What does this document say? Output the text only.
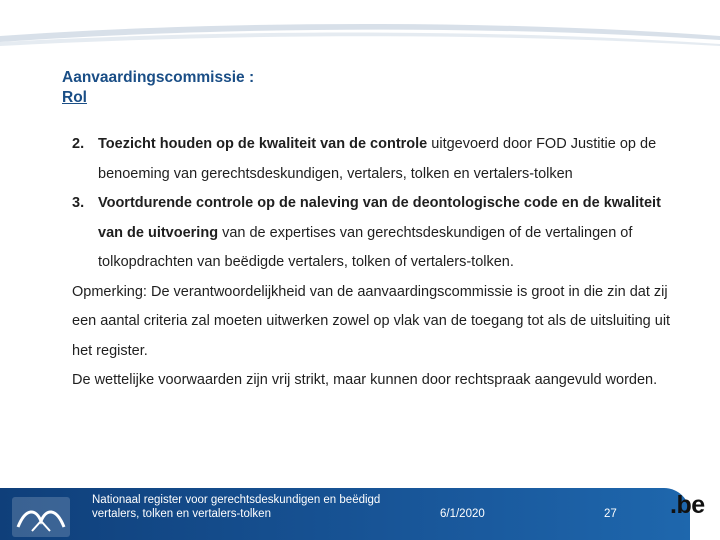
Aanvaardingscommissie :
Rol
2. Toezicht houden op de kwaliteit van de controle uitgevoerd door FOD Justitie op de benoeming van gerechtsdeskundigen, vertalers, tolken en vertalers-tolken
3. Voortdurende controle op de naleving van de deontologische code en de kwaliteit van de uitvoering van de expertises van gerechtsdeskundigen of de vertalingen of tolkopdrachten van beëdigde vertalers, tolken of vertalers-tolken.

Opmerking: De verantwoordelijkheid van de aanvaardingscommissie is groot in die zin dat zij een aantal criteria zal moeten uitwerken zowel op vlak van de toegang tot als de uitsluiting uit het register.

De wettelijke voorwaarden zijn vrij strikt, maar kunnen door rechtspraak aangevuld worden.

Nationaal register voor gerechtsdeskundigen en beëdigd
vertalers, tolken en vertalers-tolken	6/1/2020	27 .be
